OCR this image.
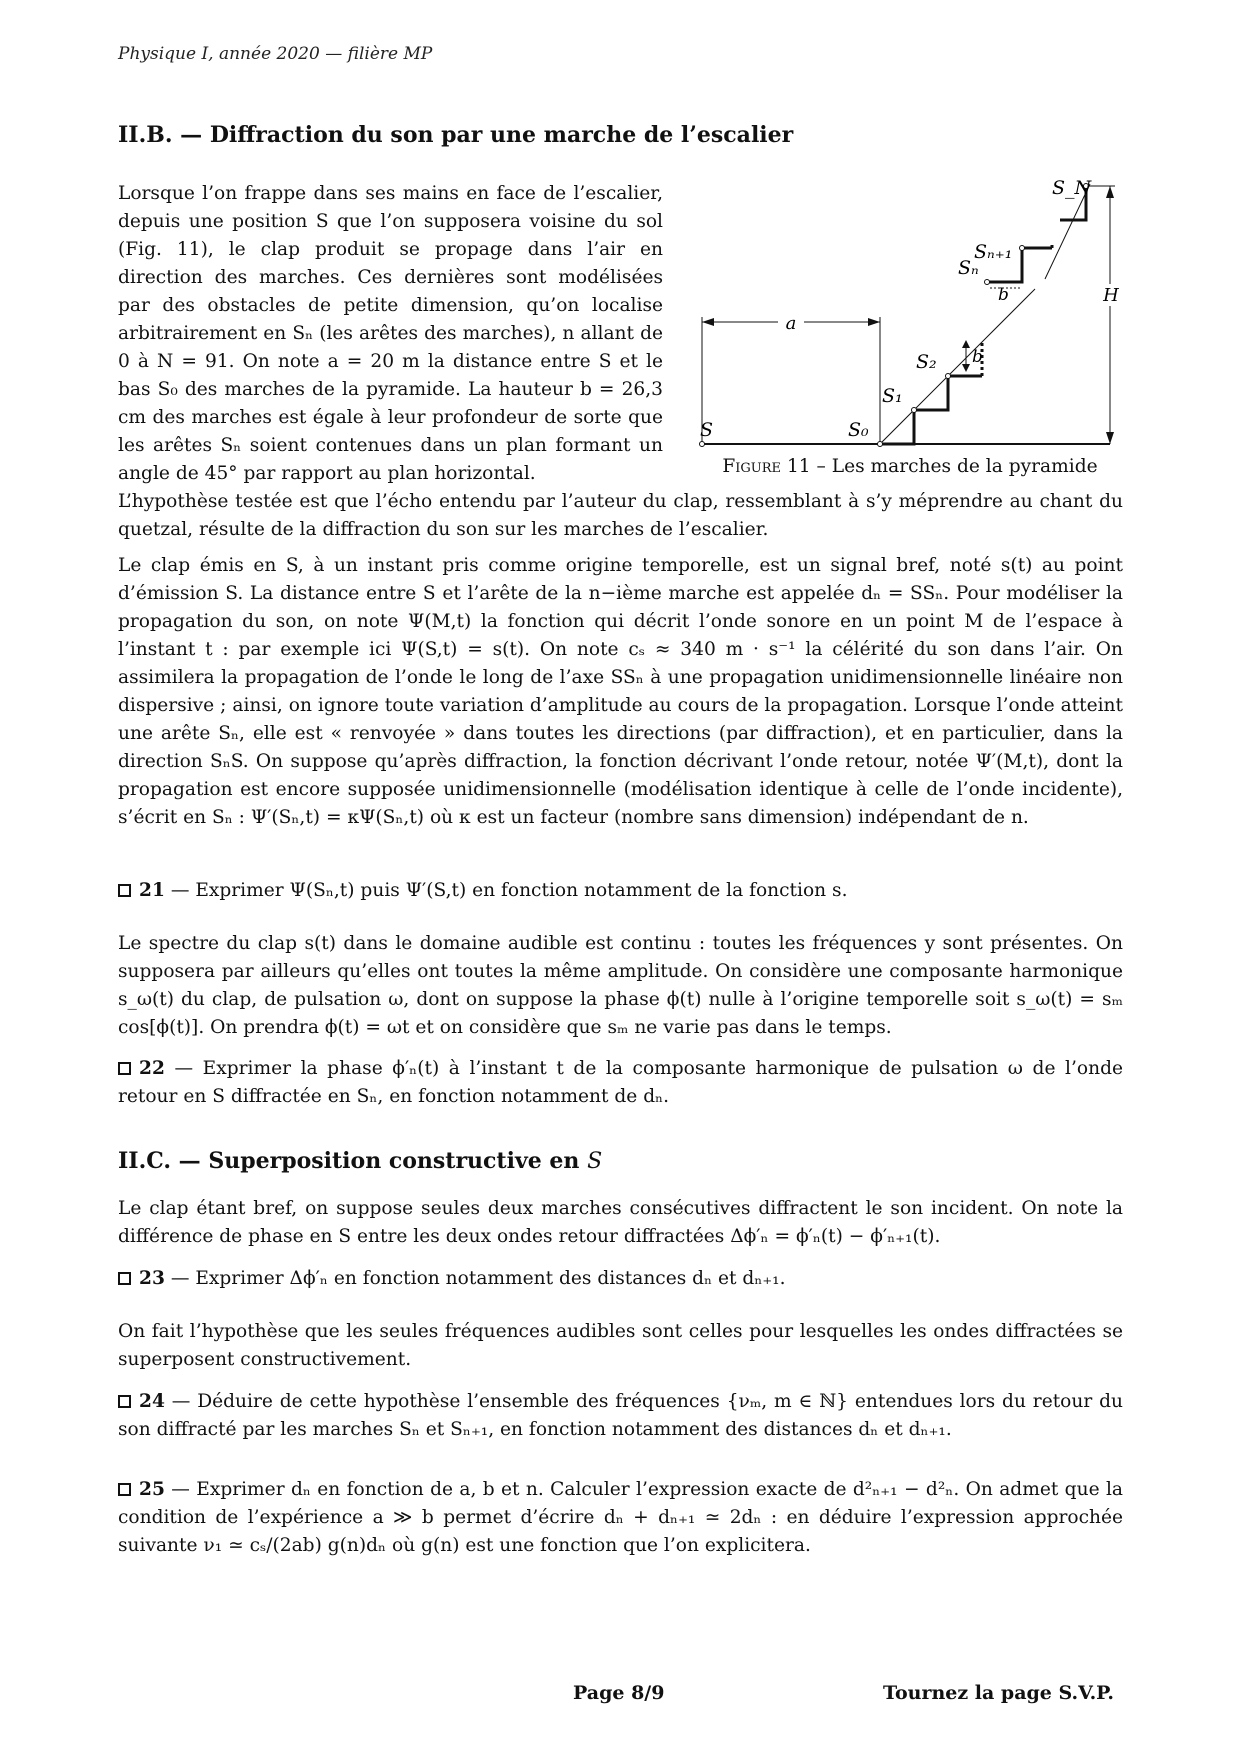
Physique I, année 2020 — filière MP
II.B. — Diffraction du son par une marche de l’escalier

Lorsque l’on frappe dans ses mains en face de l’escalier, depuis une position S que l’on supposera voisine du sol (Fig. 11), le clap produit se propage dans l’air en direction des marches. Ces dernières sont modélisées par des obstacles de petite dimension, qu’on localise arbitrairement en Sₙ (les arêtes des marches), n allant de 0 à N = 91. On note a = 20 m la distance entre S et le bas S₀ des marches de la pyramide. La hauteur b = 26,3 cm des marches est égale à leur profondeur de sorte que les arêtes Sₙ soient contenues dans un plan formant un angle de 45° par rapport au plan horizontal.

a
b
b	H
S	S₀
S₁
S₂
Sₙ
Sₙ₊₁
S_N
Figure 11 – Les marches de la pyramide

L’hypothèse testée est que l’écho entendu par l’auteur du clap, ressemblant à s’y méprendre au chant du quetzal, résulte de la diffraction du son sur les marches de l’escalier.

Le clap émis en S, à un instant pris comme origine temporelle, est un signal bref, noté s(t) au point d’émission S. La distance entre S et l’arête de la n−ième marche est appelée dₙ = SSₙ. Pour modéliser la propagation du son, on note Ψ(M,t) la fonction qui décrit l’onde sonore en un point M de l’espace à l’instant t : par exemple ici Ψ(S,t) = s(t). On note cₛ ≈ 340 m · s⁻¹ la célérité du son dans l’air. On assimilera la propagation de l’onde le long de l’axe SSₙ à une propagation unidimensionnelle linéaire non dispersive ; ainsi, on ignore toute variation d’amplitude au cours de la propagation. Lorsque l’onde atteint une arête Sₙ, elle est « renvoyée » dans toutes les directions (par diffraction), et en particulier, dans la direction SₙS. On suppose qu’après diffraction, la fonction décrivant l’onde retour, notée Ψ′(M,t), dont la propagation est encore supposée unidimensionnelle (modélisation identique à celle de l’onde incidente), s’écrit en Sₙ : Ψ′(Sₙ,t) = κΨ(Sₙ,t) où κ est un facteur (nombre sans dimension) indépendant de n.

21 — Exprimer Ψ(Sₙ,t) puis Ψ′(S,t) en fonction notamment de la fonction s.

Le spectre du clap s(t) dans le domaine audible est continu : toutes les fréquences y sont présentes. On supposera par ailleurs qu’elles ont toutes la même amplitude. On considère une composante harmonique s_ω(t) du clap, de pulsation ω, dont on suppose la phase ϕ(t) nulle à l’origine temporelle soit s_ω(t) = sₘ cos[ϕ(t)]. On prendra ϕ(t) = ωt et on considère que sₘ ne varie pas dans le temps.

22 — Exprimer la phase ϕ′ₙ(t) à l’instant t de la composante harmonique de pulsation ω de l’onde retour en S diffractée en Sₙ, en fonction notamment de dₙ.

II.C. — Superposition constructive en S

Le clap étant bref, on suppose seules deux marches consécutives diffractent le son incident. On note la différence de phase en S entre les deux ondes retour diffractées Δϕ′ₙ = ϕ′ₙ(t) − ϕ′ₙ₊₁(t).

23 — Exprimer Δϕ′ₙ en fonction notamment des distances dₙ et dₙ₊₁.

On fait l’hypothèse que les seules fréquences audibles sont celles pour lesquelles les ondes diffractées se superposent constructivement.

24 — Déduire de cette hypothèse l’ensemble des fréquences {νₘ, m ∈ ℕ} entendues lors du retour du son diffracté par les marches Sₙ et Sₙ₊₁, en fonction notamment des distances dₙ et dₙ₊₁.

25 — Exprimer dₙ en fonction de a, b et n. Calculer l’expression exacte de d²ₙ₊₁ − d²ₙ. On admet que la condition de l’expérience a ≫ b permet d’écrire dₙ + dₙ₊₁ ≃ 2dₙ : en déduire l’expression approchée suivante ν₁ ≃ cₛ/(2ab) g(n)dₙ où g(n) est une fonction que l’on explicitera.

Page 8/9	Tournez la page S.V.P.
